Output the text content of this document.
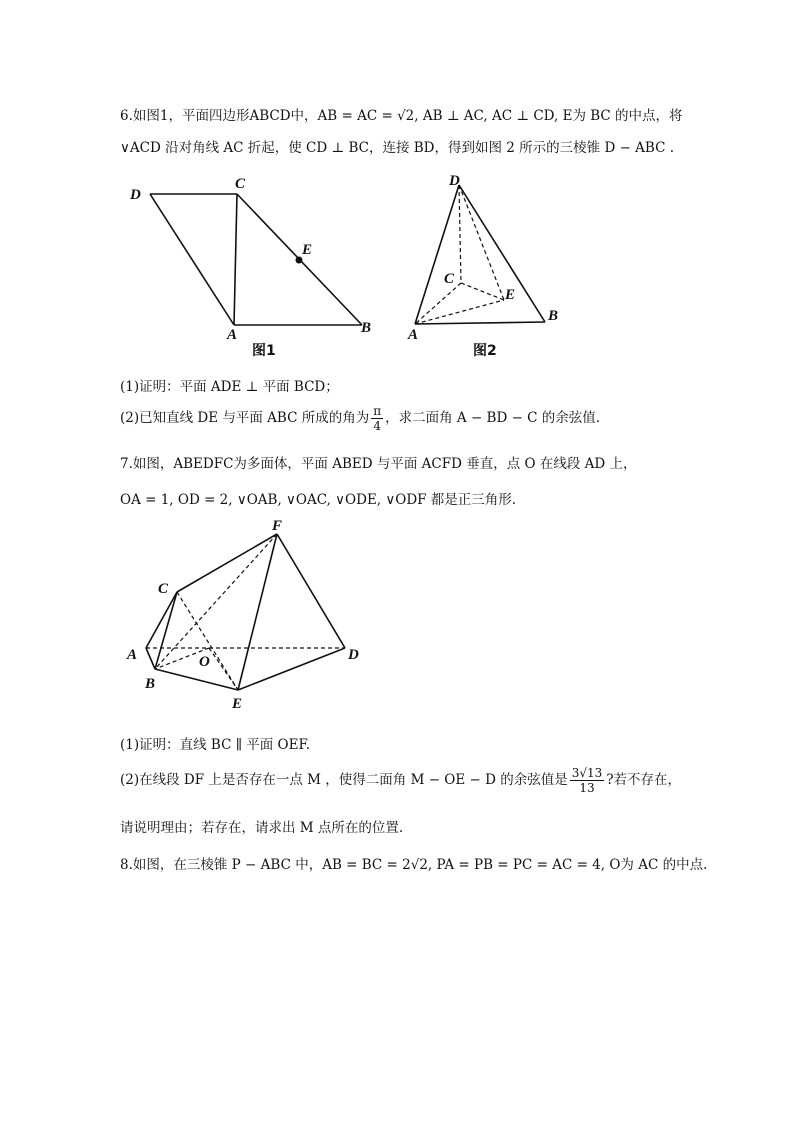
6.如图1，平面四边形ABCD中，AB = AC = √2, AB ⊥ AC, AC ⊥ CD, E为 BC 的中点，将
∨ACD 沿对角线 AC 折起，使 CD ⊥ BC，连接 BD，得到如图 2 所示的三棱锥 D − ABC .
D
C
E
A	B
图1
D
C
E
A
B
图2
F
C
A	O	D
B
E
(1)证明：平面 ADE ⊥ 平面 BCD；
(2)已知直线 DE 与平面 ABC 所成的角为 $\frac{\pi}{4}$ ，求二面角 A − BD − C 的余弦值.
7.如图，ABEDFC为多面体，平面 ABED 与平面 ACFD 垂直，点 O 在线段 AD 上，
OA = 1, OD = 2, ∨OAB, ∨OAC, ∨ODE, ∨ODF 都是正三角形.
(1)证明：直线 BC ∥ 平面 OEF.
(2)在线段 DF 上是否存在一点 M ，使得二面角 M − OE − D 的余弦值是 $\frac{3√13}{13}$ ?若不存在，
请说明理由；若存在，请求出 M 点所在的位置.
8.如图，在三棱锥 P − ABC 中，AB = BC = 2√2, PA = PB = PC = AC = 4, O为 AC 的中点.
